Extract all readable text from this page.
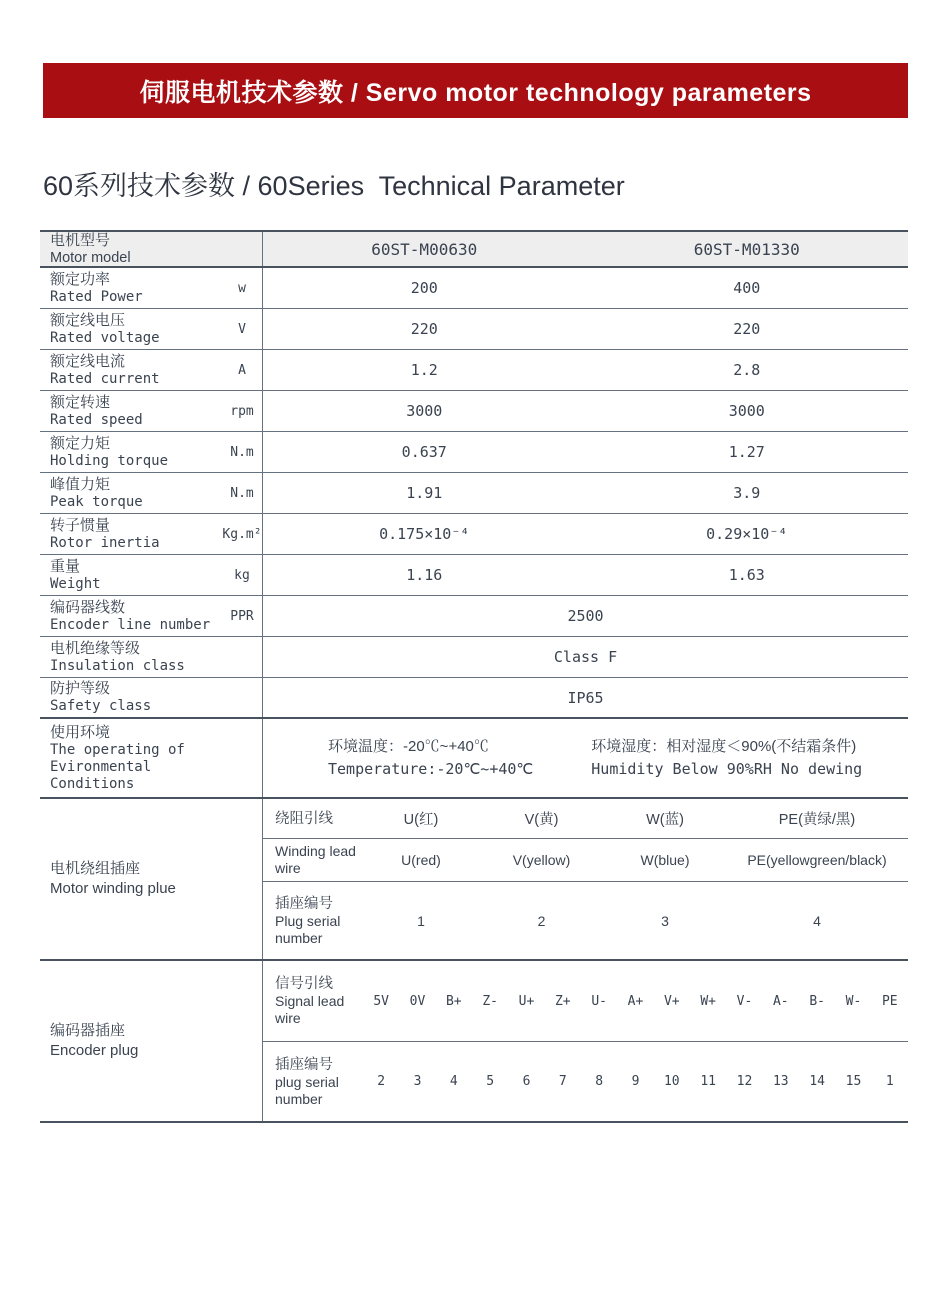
伺服电机技术参数 / Servo motor technology parameters
60系列技术参数 / 60Series  Technical Parameter
电机型号
Motor model	60ST-M00630	60ST-M01330
额定功率
Rated Power
w	200	400
额定线电压
Rated voltage
V	220	220
额定线电流
Rated current
A	1.2	2.8
额定转速
Rated speed
rpm	3000	3000
额定力矩
Holding torque
N.m	0.637	1.27
峰值力矩
Peak torque
N.m	1.91	3.9
转子惯量
Rotor inertia
Kg.m²	0.175×10⁻⁴	0.29×10⁻⁴
重量
Weight
kg	1.16	1.63
编码器线数
Encoder line number
PPR	2500
电机绝缘等级
Insulation class	Class F
防护等级
Safety class	IP65
使用环境
The operating of
Evironmental Conditions
环境温度：-20℃~+40℃
Temperature:-20℃~+40℃
环境湿度：相对湿度＜90%(不结霜条件)
Humidity Below 90%RH No dewing
电机绕组插座
Motor winding plue
绕阻引线	U(红)	V(黄)	W(蓝)	PE(黄绿/黑)
Winding lead wire	U(red)	V(yellow)	W(blue)	PE(yellowgreen/black)
插座编号
Plug serial number
1	2	3	4
编码器插座
Encoder plug
信号引线
Signal lead wire
5V	0V	B+	Z-	U+	Z+	U-	A+	V+	W+	V-	A-	B-	W-	PE
插座编号
plug serial number
2	3	4	5	6	7	8	9	10	11	12	13	14	15	1
